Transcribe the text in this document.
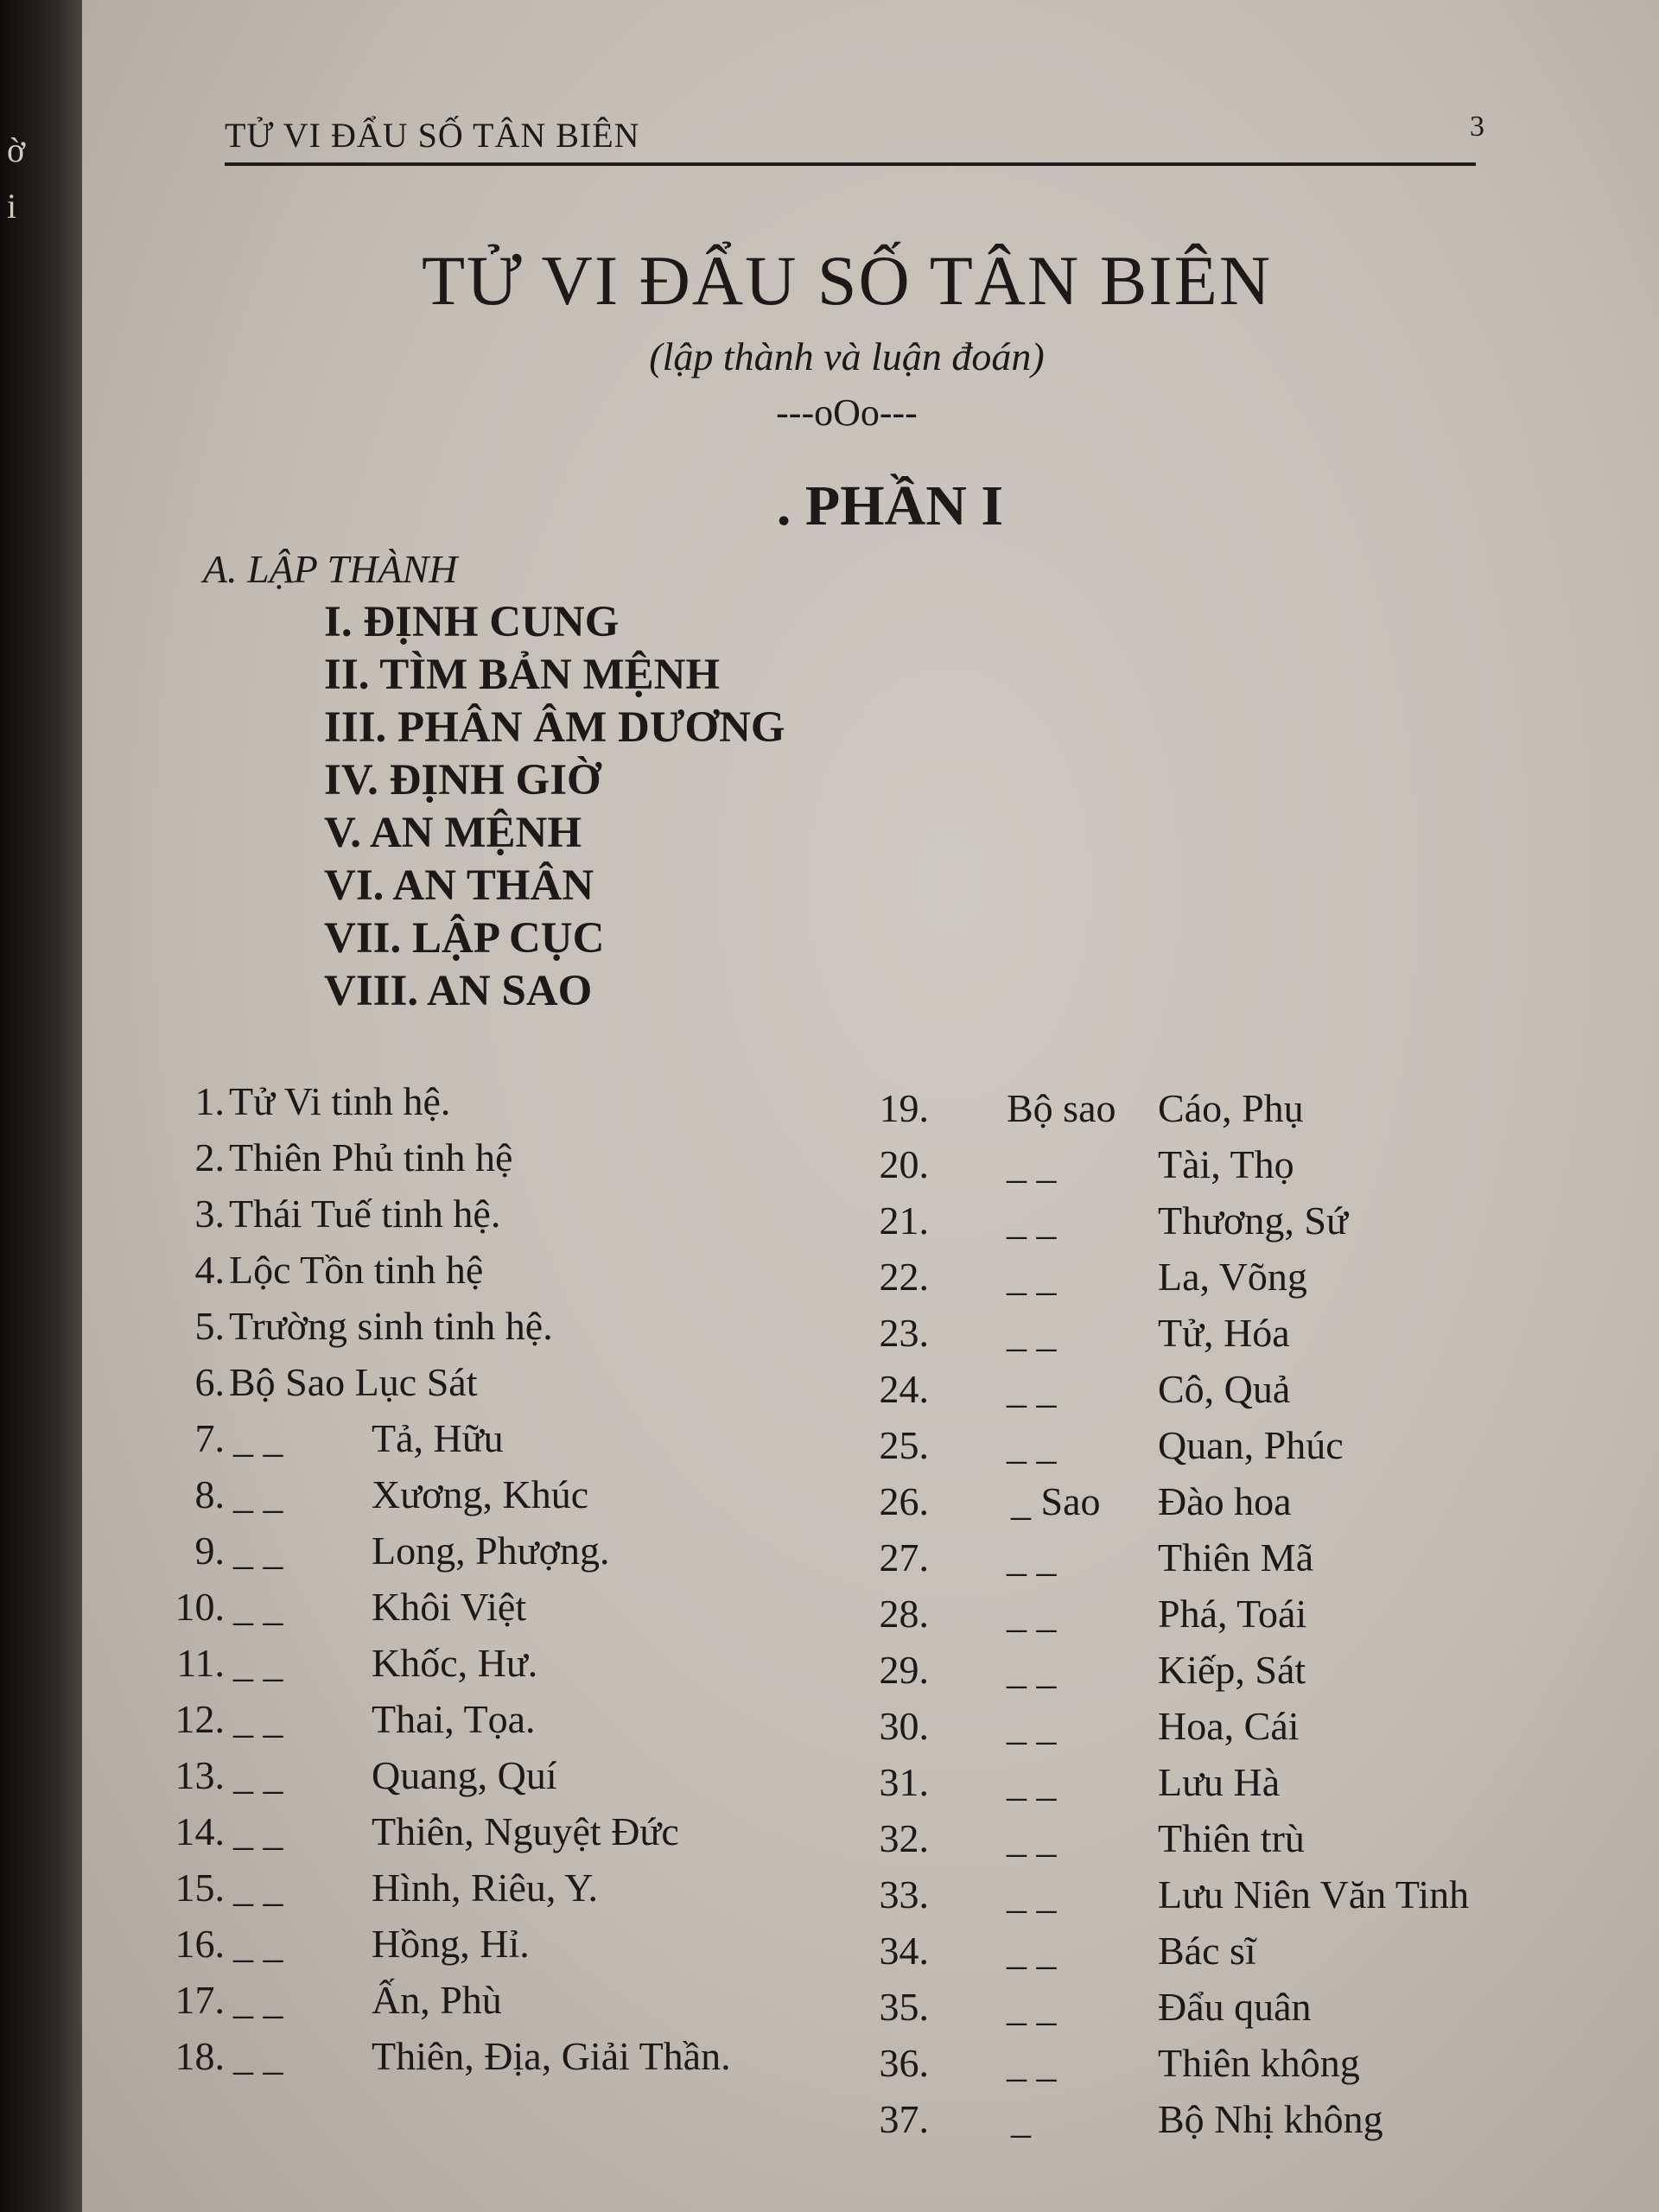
ờ
i
TỬ VI ĐẨU SỐ TÂN BIÊN	3
TỬ VI ĐẨU SỐ TÂN BIÊN
(lập thành và luận đoán)
---oOo---
. PHẦN I
A. LẬP THÀNH
I. ĐỊNH CUNG
II. TÌM BẢN MỆNH
III. PHÂN ÂM DƯƠNG
IV. ĐỊNH GIỜ
V. AN MỆNH
VI. AN THÂN
VII. LẬP CỤC
VIII. AN SAO
1. Tử Vi tinh hệ.
2. Thiên Phủ tinh hệ
3. Thái Tuế tinh hệ.
4. Lộc Tồn tinh hệ
5. Trường sinh tinh hệ.
6. Bộ Sao Lục Sát
7. _ _ Tả, Hữu
8. _ _ Xương, Khúc
9. _ _ Long, Phượng.
10. _ _ Khôi Việt
11. _ _ Khốc, Hư.
12. _ _ Thai, Tọa.
13. _ _ Quang, Quí
14. _ _ Thiên, Nguyệt Đức
15. _ _ Hình, Riêu, Y.
16. _ _ Hồng, Hỉ.
17. _ _ Ấn, Phù
18. _ _ Thiên, Địa, Giải Thần.
19. Bộ sao Cáo, Phụ
20. _ _	Tài, Thọ
21. _ _	Thương, Sứ
22. _ _	La, Võng
23. _ _	Tử, Hóa
24. _ _	Cô, Quả
25. _ _	Quan, Phúc
26. _ Sao Đào hoa
27. _ _	Thiên Mã
28. _ _	Phá, Toái
29. _ _	Kiếp, Sát
30. _ _	Hoa, Cái
31. _ _	Lưu Hà
32. _ _	Thiên trù
33. _ _	Lưu Niên Văn Tinh
34. _ _	Bác sĩ
35. _ _	Đẩu quân
36. _ _	Thiên không
37. _	Bộ Nhị không
